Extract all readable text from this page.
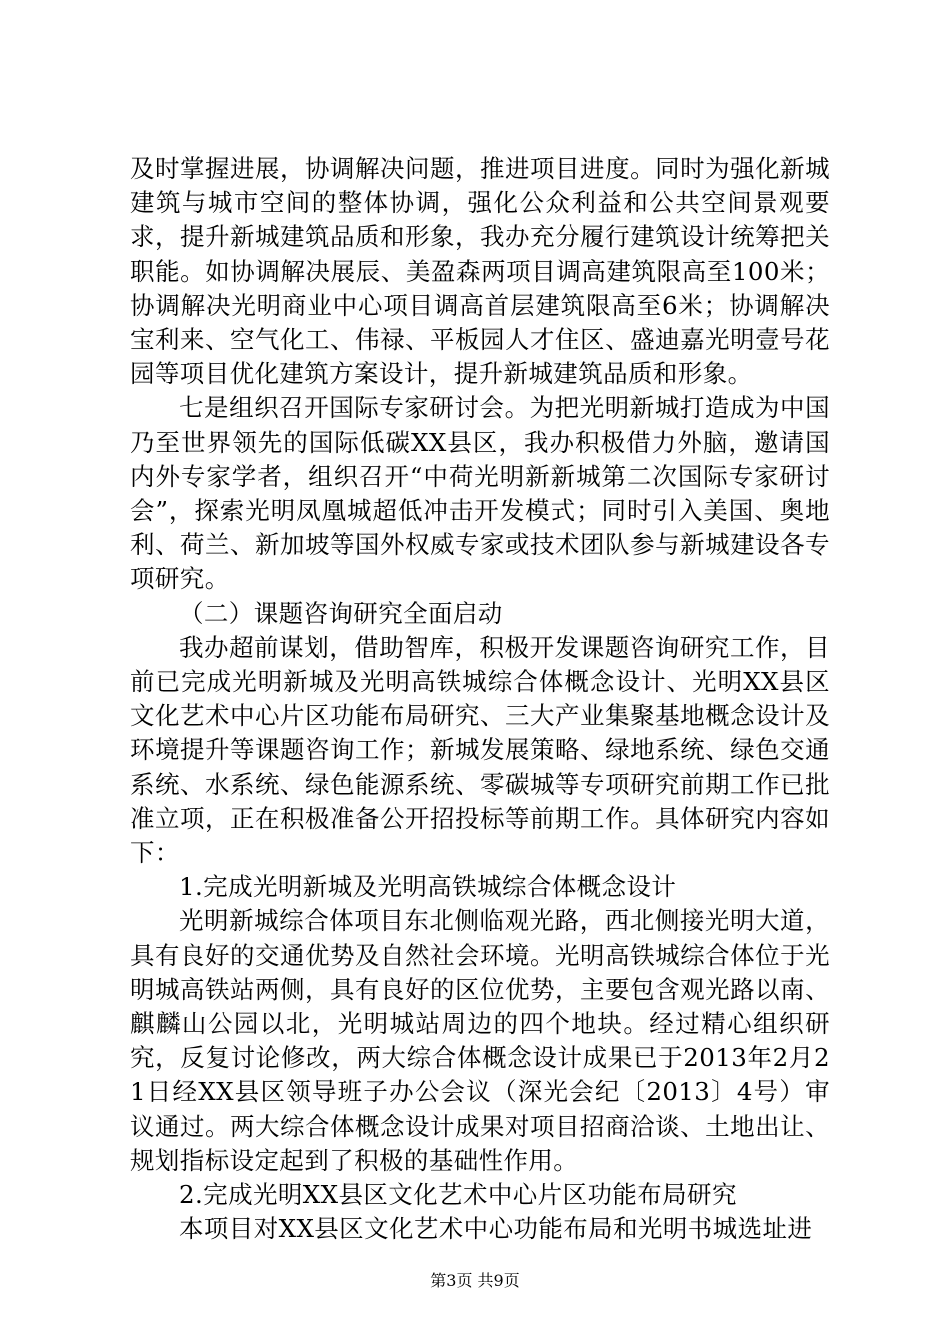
及时掌握进展，协调解决问题，推进项目进度。同时为强化新城建筑与城市空间的整体协调，强化公众利益和公共空间景观要求，提升新城建筑品质和形象，我办充分履行建筑设计统筹把关职能。如协调解决展辰、美盈森两项目调高建筑限高至100米；协调解决光明商业中心项目调高首层建筑限高至6米；协调解决宝利来、空气化工、伟禄、平板园人才住区、盛迪嘉光明壹号花园等项目优化建筑方案设计，提升新城建筑品质和形象。

七是组织召开国际专家研讨会。为把光明新城打造成为中国乃至世界领先的国际低碳XX县区，我办积极借力外脑，邀请国内外专家学者，组织召开“中荷光明新新城第二次国际专家研讨会”，探索光明凤凰城超低冲击开发模式；同时引入美国、奥地利、荷兰、新加坡等国外权威专家或技术团队参与新城建设各专项研究。

（二）课题咨询研究全面启动

我办超前谋划，借助智库，积极开发课题咨询研究工作，目前已完成光明新城及光明高铁城综合体概念设计、光明XX县区文化艺术中心片区功能布局研究、三大产业集聚基地概念设计及环境提升等课题咨询工作；新城发展策略、绿地系统、绿色交通系统、水系统、绿色能源系统、零碳城等专项研究前期工作已批准立项，正在积极准备公开招投标等前期工作。具体研究内容如下：

1.完成光明新城及光明高铁城综合体概念设计

光明新城综合体项目东北侧临观光路，西北侧接光明大道，具有良好的交通优势及自然社会环境。光明高铁城综合体位于光明城高铁站两侧，具有良好的区位优势，主要包含观光路以南、麒麟山公园以北，光明城站周边的四个地块。经过精心组织研究，反复讨论修改，两大综合体概念设计成果已于2013年2月21日经XX县区领导班子办公会议（深光会纪〔2013〕4号）审议通过。两大综合体概念设计成果对项目招商洽谈、土地出让、规划指标设定起到了积极的基础性作用。

2.完成光明XX县区文化艺术中心片区功能布局研究

本项目对XX县区文化艺术中心功能布局和光明书城选址进

第3页 共9页
